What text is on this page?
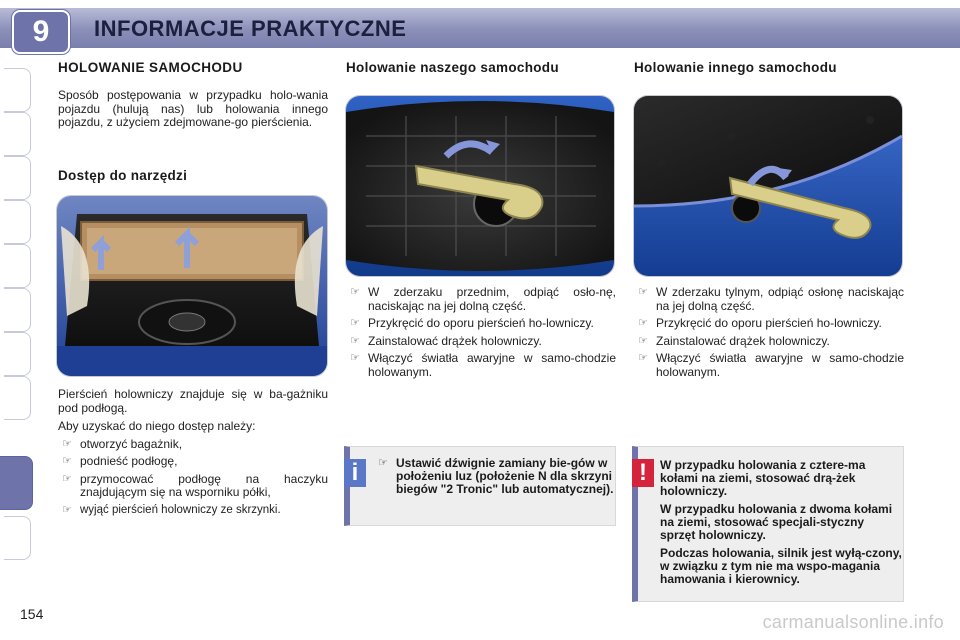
9	INFORMACJE PRAKTYCZNE
HOLOWANIE SAMOCHODU

Sposób postępowania w przypadku holo-wania pojazdu (hulują nas) lub holowania innego pojazdu, z użyciem zdejmowane-go pierścienia.

Dostęp do narzędzi

Pierścień holowniczy znajduje się w ba-gażniku pod podłogą.

Aby uzyskać do niego dostęp należy:

☞ otworzyć bagażnik,
☞ podnieść podłogę,
☞ przymocować podłogę na haczyku znajdującym się na wsporniku półki,
☞ wyjąć pierścień holowniczy ze skrzynki.
Holowanie naszego samochodu
☞ W zderzaku przednim, odpiąć osło-nę, naciskając na jej dolną część.
☞ Przykręcić do oporu pierścień ho-lowniczy.
☞ Zainstalować drążek holowniczy.
☞ Włączyć światła awaryjne w samo-chodzie holowanym.
i	☞ Ustawić dźwignie zamiany bie-gów w położeniu luz (położenie N dla skrzyni biegów "2 Tronic" lub automatycznej).

Holowanie innego samochodu
☞ W zderzaku tylnym, odpiąć osłonę naciskając na jej dolną część.
☞ Przykręcić do oporu pierścień ho-lowniczy.
☞ Zainstalować drążek holowniczy.
☞ Włączyć światła awaryjne w samo-chodzie holowanym.
!	W przypadku holowania z cztere-ma kołami na ziemi, stosować drą-żek holowniczy.

W przypadku holowania z dwoma kołami na ziemi, stosować specjali-styczny sprzęt holowniczy.

Podczas holowania, silnik jest wyłą-czony, w związku z tym nie ma wspo-magania hamowania i kierownicy.

154	carmanualsonline.info
